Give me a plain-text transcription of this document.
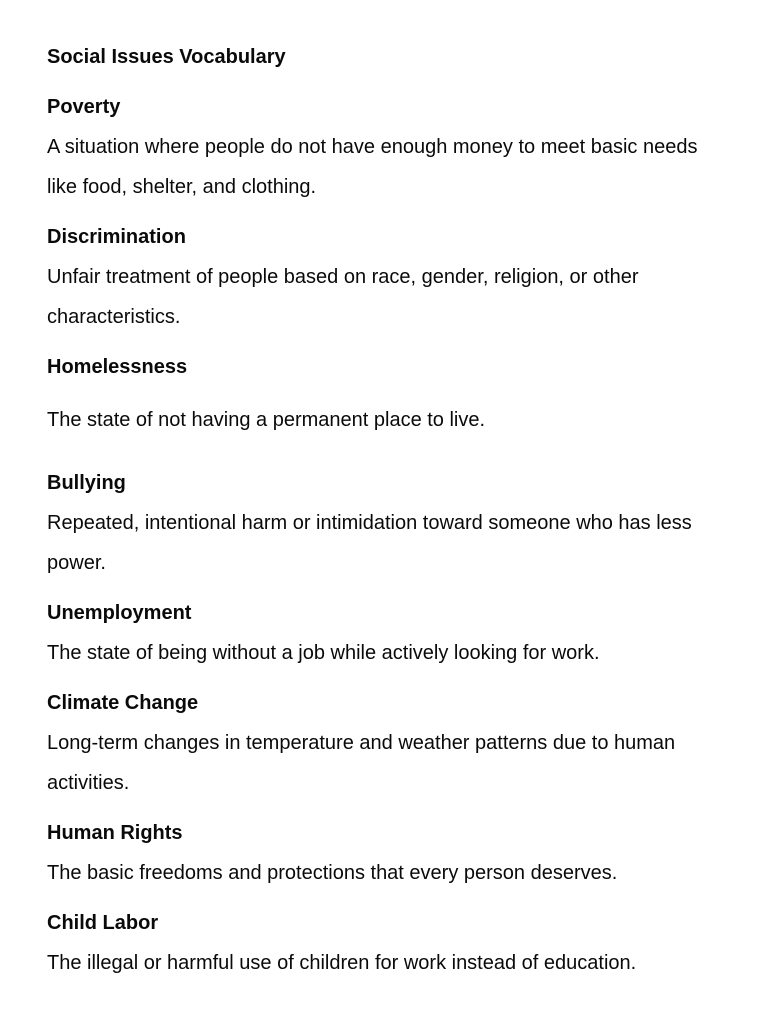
Social Issues Vocabulary
Poverty
A situation where people do not have enough money to meet basic needs like food, shelter, and clothing.
Discrimination
Unfair treatment of people based on race, gender, religion, or other characteristics.
Homelessness
The state of not having a permanent place to live.
Bullying
Repeated, intentional harm or intimidation toward someone who has less power.
Unemployment
The state of being without a job while actively looking for work.
Climate Change
Long-term changes in temperature and weather patterns due to human activities.
Human Rights
The basic freedoms and protections that every person deserves.
Child Labor
The illegal or harmful use of children for work instead of education.
